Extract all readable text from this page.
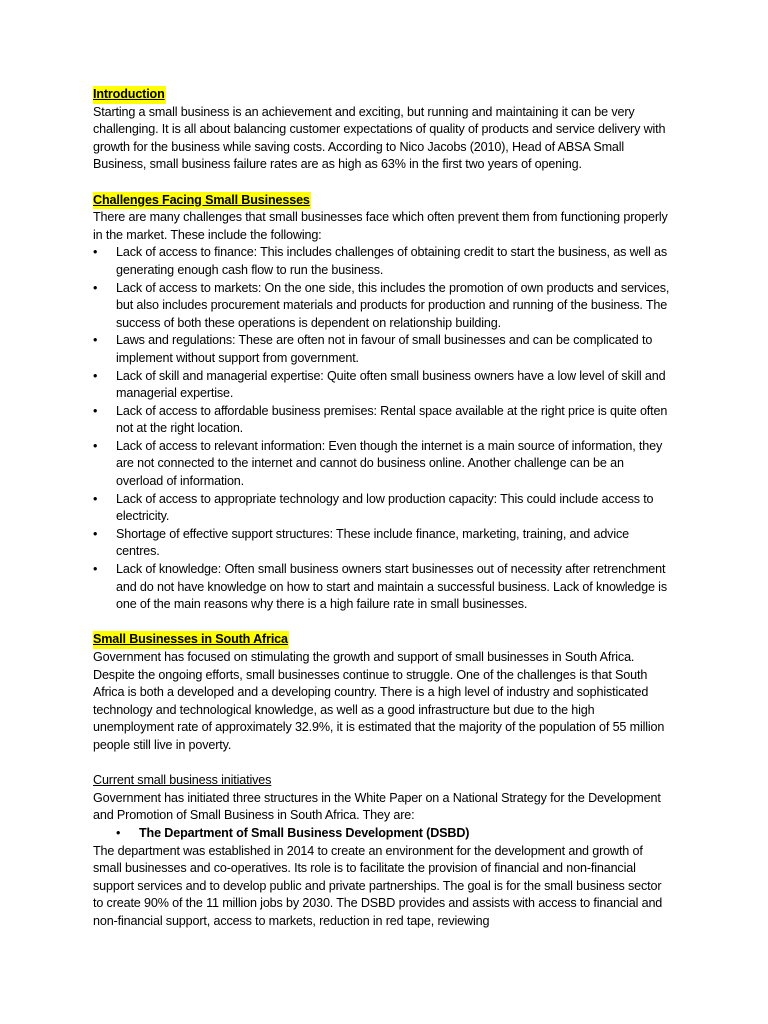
Introduction

Starting a small business is an achievement and exciting, but running and maintaining it can be very challenging. It is all about balancing customer expectations of quality of products and service delivery with growth for the business while saving costs. According to Nico Jacobs (2010), Head of ABSA Small Business, small business failure rates are as high as 63% in the first two years of opening.

Challenges Facing Small Businesses

There are many challenges that small businesses face which often prevent them from functioning properly in the market. These include the following:

•	Lack of access to finance: This includes challenges of obtaining credit to start the business, as well as generating enough cash flow to run the business.
•	Lack of access to markets: On the one side, this includes the promotion of own products and services, but also includes procurement materials and products for production and running of the business. The success of both these operations is dependent on relationship building.
•	Laws and regulations: These are often not in favour of small businesses and can be complicated to implement without support from government.
•	Lack of skill and managerial expertise: Quite often small business owners have a low level of skill and managerial expertise.
•	Lack of access to affordable business premises: Rental space available at the right price is quite often not at the right location.
•	Lack of access to relevant information: Even though the internet is a main source of information, they are not connected to the internet and cannot do business online. Another challenge can be an overload of information.
•	Lack of access to appropriate technology and low production capacity: This could include access to electricity.
•	Shortage of effective support structures: These include finance, marketing, training, and advice centres.
•	Lack of knowledge: Often small business owners start businesses out of necessity after retrenchment and do not have knowledge on how to start and maintain a successful business. Lack of knowledge is one of the main reasons why there is a high failure rate in small businesses.
Small Businesses in South Africa

Government has focused on stimulating the growth and support of small businesses in South Africa. Despite the ongoing efforts, small businesses continue to struggle. One of the challenges is that South Africa is both a developed and a developing country. There is a high level of industry and sophisticated technology and technological knowledge, as well as a good infrastructure but due to the high unemployment rate of approximately 32.9%, it is estimated that the majority of the population of 55 million people still live in poverty.

Current small business initiatives

Government has initiated three structures in the White Paper on a National Strategy for the Development and Promotion of Small Business in South Africa. They are:

• The Department of Small Business Development (DSBD)

The department was established in 2014 to create an environment for the development and growth of small businesses and co-operatives. Its role is to facilitate the provision of financial and non-financial support services and to develop public and private partnerships. The goal is for the small business sector to create 90% of the 11 million jobs by 2030. The DSBD provides and assists with access to financial and non-financial support, access to markets, reduction in red tape, reviewing
